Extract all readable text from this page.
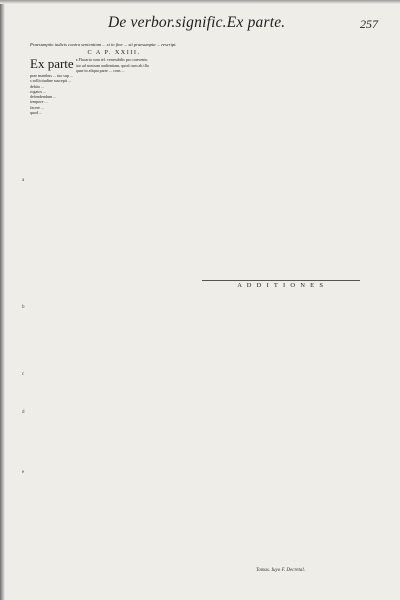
De verbor.signific.Ex parte.	257

Praesumptio iudicis contra sententiam ... si in fine ... sit praesumpta ... rescript.

C A P. XXIII.
Ex parte a Flacaria cum tel. venerabilis pro conventu
tuo ad nostram audientiam, quod cum ab illa
quae in aliqua parte ... cons ...
prae manibus ... tuo sup ...
s sollicitudine suscepit ...
debito ...
rogatos ...
defendendum ...
tempore ...
facere ...
quod ...
A D D I T I O N E S
a
b
c
d
e
Tomus. Iuyo F. Decretal.
